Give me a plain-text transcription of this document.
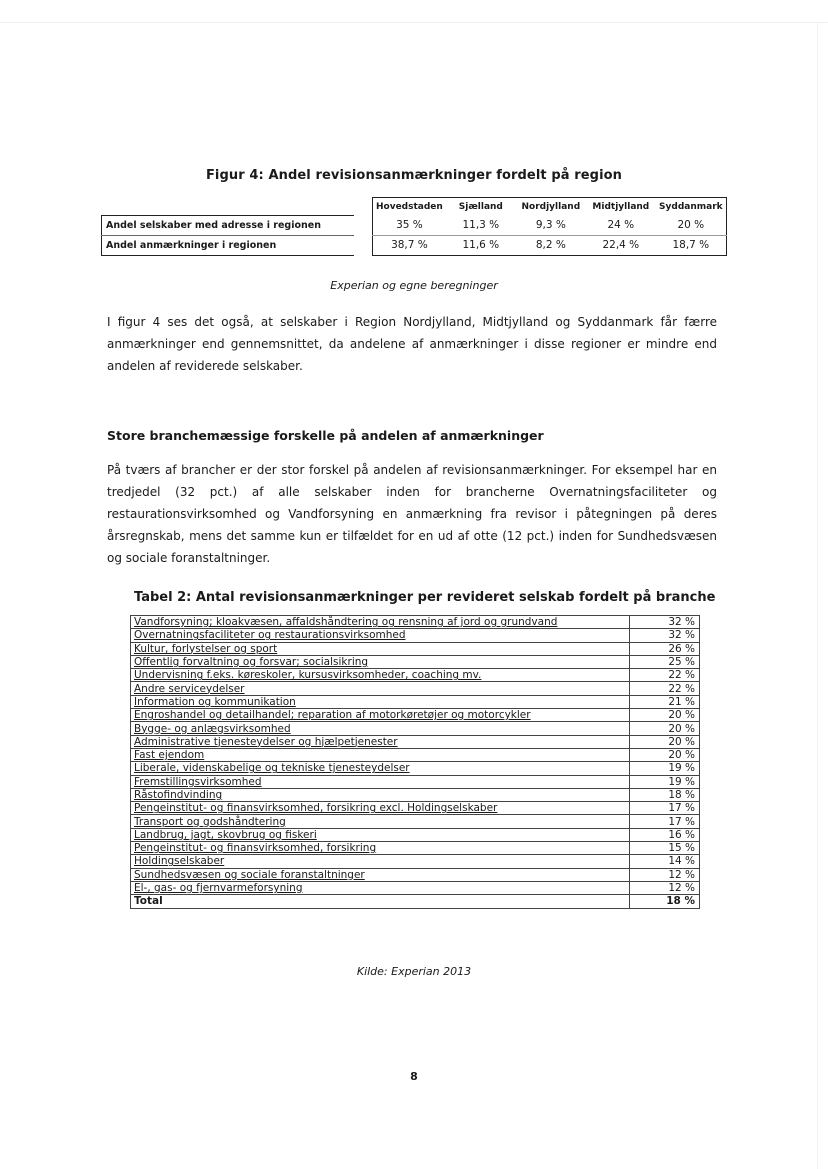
Figur 4: Andel revisionsanmærkninger fordelt på region
		Hovedstaden	Sjælland	Nordjylland	Midtjylland	Syddanmark
Andel selskaber med adresse i regionen		35 %	11,3 %	9,3 %	24 %	20 %
Andel anmærkninger i regionen		38,7 %	11,6 %	8,2 %	22,4 %	18,7 %
Experian og egne beregninger
I figur 4 ses det også, at selskaber i Region Nordjylland, Midtjylland og Syddanmark får færre anmærkninger end gennemsnittet, da andelene af anmærkninger i disse regioner er mindre end andelen af reviderede selskaber.
Store branchemæssige forskelle på andelen af anmærkninger
På tværs af brancher er der stor forskel på andelen af revisionsanmærkninger. For eksempel har en tredjedel (32 pct.) af alle selskaber inden for brancherne Overnatningsfaciliteter og restaurationsvirksomhed og Vandforsyning en anmærkning fra revisor i påtegningen på deres årsregnskab, mens det samme kun er tilfældet for en ud af otte (12 pct.) inden for Sundhedsvæsen og sociale foranstaltninger.
Tabel 2: Antal revisionsanmærkninger per revideret selskab fordelt på branche
Vandforsyning; kloakvæsen, affaldshåndtering og rensning af jord og grundvand	32 %
Overnatningsfaciliteter og restaurationsvirksomhed	32 %
Kultur, forlystelser og sport	26 %
Offentlig forvaltning og forsvar; socialsikring	25 %
Undervisning f.eks. køreskoler, kursusvirksomheder, coaching mv.	22 %
Andre serviceydelser	22 %
Information og kommunikation	21 %
Engroshandel og detailhandel; reparation af motorkøretøjer og motorcykler	20 %
Bygge- og anlægsvirksomhed	20 %
Administrative tjenesteydelser og hjælpetjenester	20 %
Fast ejendom	20 %
Liberale, videnskabelige og tekniske tjenesteydelser	19 %
Fremstillingsvirksomhed	19 %
Råstofindvinding	18 %
Pengeinstitut- og finansvirksomhed, forsikring excl. Holdingselskaber	17 %
Transport og godshåndtering	17 %
Landbrug, jagt, skovbrug og fiskeri	16 %
Pengeinstitut- og finansvirksomhed, forsikring	15 %
Holdingselskaber	14 %
Sundhedsvæsen og sociale foranstaltninger	12 %
El-, gas- og fjernvarmeforsyning	12 %
Total	18 %
Kilde: Experian 2013
8
